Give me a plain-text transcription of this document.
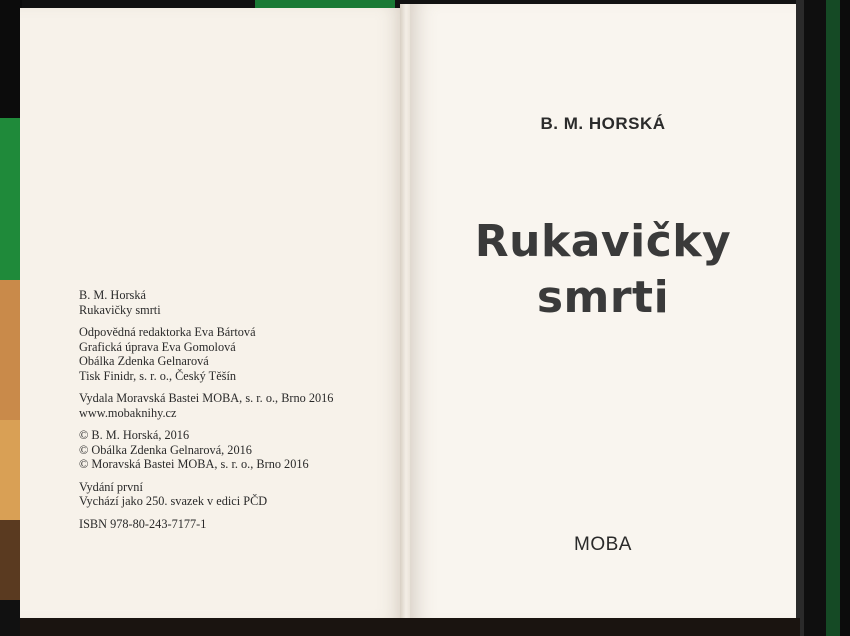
B. M. Horská
Rukavičky smrti
Odpovědná redaktorka Eva Bártová
Grafická úprava Eva Gomolová
Obálka Zdenka Gelnarová
Tisk Finidr, s. r. o., Český Těšín
Vydala Moravská Bastei MOBA, s. r. o., Brno 2016
www.mobaknihy.cz
© B. M. Horská, 2016
© Obálka Zdenka Gelnarová, 2016
© Moravská Bastei MOBA, s. r. o., Brno 2016
Vydání první
Vychází jako 250. svazek v edici PČD
ISBN 978-80-243-7177-1
B. M. HORSKÁ
Rukavičky
smrti
MOBA
